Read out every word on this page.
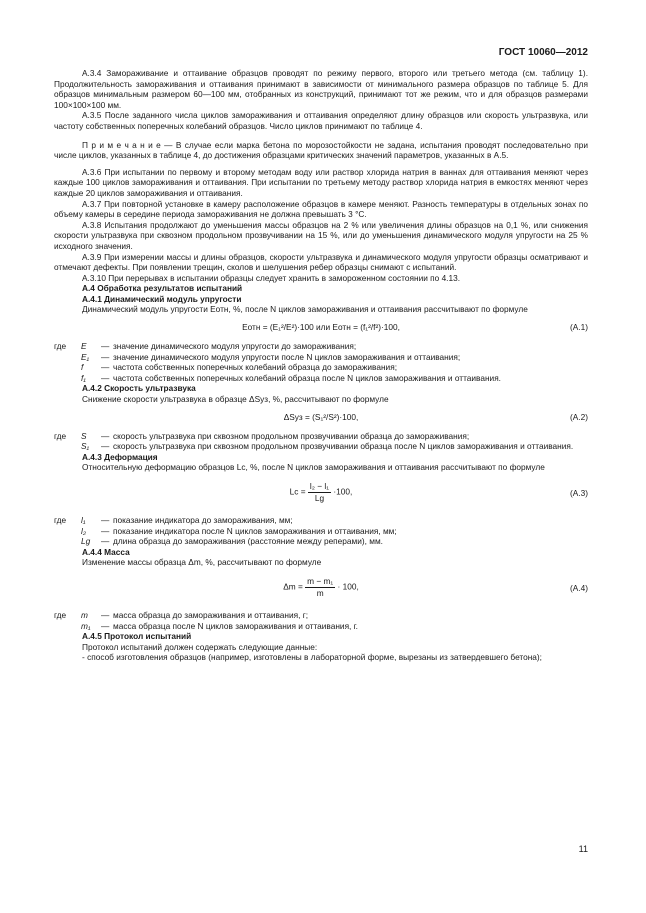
ГОСТ 10060—2012

А.3.4 Замораживание и оттаивание образцов проводят по режиму первого, второго или третьего метода (см. таблицу 1). Продолжительность замораживания и оттаивания принимают в зависимости от минимального размера образцов по таблице 5. Для образцов минимальным размером 60—100 мм, отобранных из конструкций, принимают тот же режим, что и для образцов размерами 100×100×100 мм.

А.3.5 После заданного числа циклов замораживания и оттаивания определяют длину образцов или скорость ультразвука, или частоту собственных поперечных колебаний образцов. Число циклов принимают по таблице 4.

П р и м е ч а н и е — В случае если марка бетона по морозостойкости не задана, испытания проводят последовательно при числе циклов, указанных в таблице 4, до достижения образцами критических значений параметров, указанных в А.5.

А.3.6 При испытании по первому и второму методам воду или раствор хлорида натрия в ваннах для оттаивания меняют через каждые 100 циклов замораживания и оттаивания. При испытании по третьему методу раствор хлорида натрия в емкостях меняют через каждые 20 циклов замораживания и оттаивания.

А.3.7 При повторной установке в камеру расположение образцов в камере меняют. Разность температуры в отдельных зонах по объему камеры в середине периода замораживания не должна превышать 3 °С.

А.3.8 Испытания продолжают до уменьшения массы образцов на 2 % или увеличения длины образцов на 0,1 %, или снижения скорости ультразвука при сквозном продольном прозвучивании на 15 %, или до уменьшения динамического модуля упругости на 25 % исходного значения.

А.3.9 При измерении массы и длины образцов, скорости ультразвука и динамического модуля упругости образцы осматривают и отмечают дефекты. При появлении трещин, сколов и шелушения ребер образцы снимают с испытаний.

А.3.10 При перерывах в испытании образцы следует хранить в замороженном состоянии по 4.13.

А.4 Обработка результатов испытаний

А.4.1 Динамический модуль упругости

Динамический модуль упругости Eотн, %, после N циклов замораживания и оттаивания рассчитывают по формуле

Eотн = (E₁²/E²)·100 или Eотн = (f₁²/f²)·100,	(А.1)
где	E	— значение динамического модуля упругости до замораживания;
E₁	— значение динамического модуля упругости после N циклов замораживания и оттаивания;
f	— частота собственных поперечных колебаний образца до замораживания;
f₁	— частота собственных поперечных колебаний образца после N циклов замораживания и оттаивания.

А.4.2 Скорость ультразвука

Снижение скорости ультразвука в образце ΔSуз, %, рассчитывают по формуле

ΔSуз = (S₁²/S²)·100,	(А.2)
где	S	— скорость ультразвука при сквозном продольном прозвучивании образца до замораживания;
S₁	— скорость ультразвука при сквозном продольном прозвучивании образца после N циклов замораживания и оттаивания.

А.4.3 Деформация

Относительную деформацию образцов Lc, %, после N циклов замораживания и оттаивания рассчитывают по формуле

$Lc = \frac{\text{l₂ − l₁}}{Lg} \cdot 100$,	(А.3)
где	l₁	— показание индикатора до замораживания, мм;
l₂	— показание индикатора после N циклов замораживания и оттаивания, мм;
Lg	— длина образца до замораживания (расстояние между реперами), мм.

А.4.4 Масса

Изменение массы образца Δm, %, рассчитывают по формуле

$\Delta m = \frac{\text{m − m₁}}{m} \cdot 100$,	(А.4)
где	m	— масса образца до замораживания и оттаивания, г;
m₁	— масса образца после N циклов замораживания и оттаивания, г.

А.4.5 Протокол испытаний

Протокол испытаний должен содержать следующие данные:

- способ изготовления образцов (например, изготовлены в лабораторной форме, вырезаны из затвердевшего бетона);

11
